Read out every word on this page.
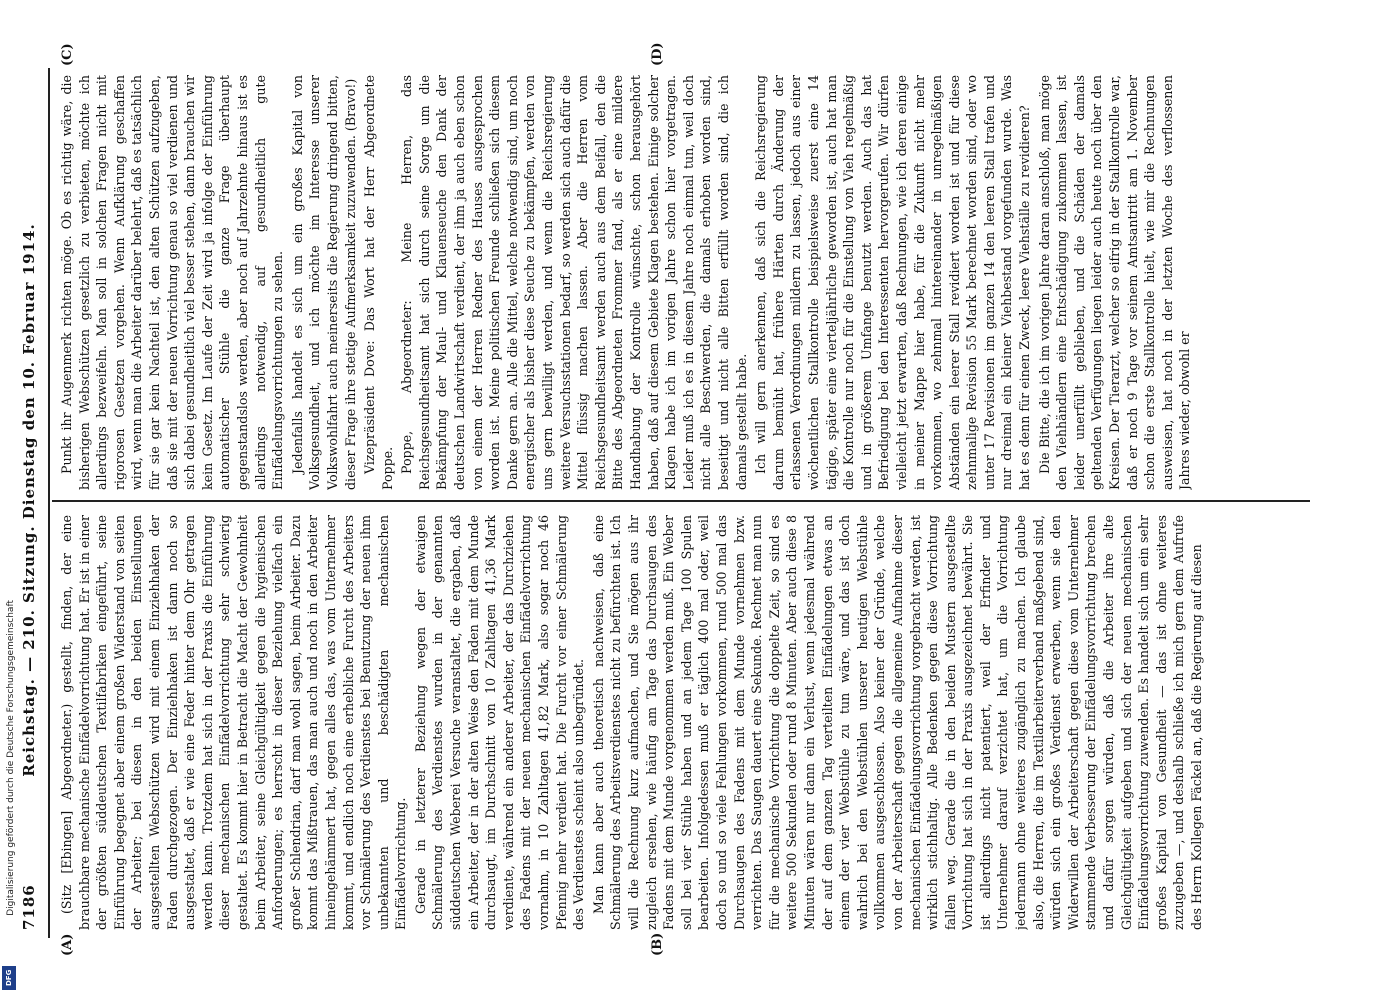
7186
Reichstag. — 210. Sitzung. Dienstag den 10. Februar 1914.
(A)	(B)
(C)	(D)

(Sitz [Ebingen] Abgeordneter.) gestellt, finden, der eine brauchbare mechanische Einfädelvorrichtung hat. Er ist in einer der größten süddeutschen Textilfabriken eingeführt, seine Einführung begegnet aber einem großen Widerstand von seiten der Arbeiter; bei diesen in den beiden Einstellungen ausgestellten Webschützen wird mit einem Einziehhaken der Faden durchgezogen. Der Einziehhaken ist dann noch so ausgestaltet, daß er wie eine Feder hinter dem Ohr getragen werden kann. Trotzdem hat sich in der Praxis die Einführung dieser mechanischen Einfädelvorrichtung sehr schwierig gestaltet. Es kommt hier in Betracht die Macht der Gewohnheit beim Arbeiter, seine Gleichgültigkeit gegen die hygienischen Anforderungen; es herrscht in dieser Beziehung vielfach ein großer Schlendrian, darf man wohl sagen, beim Arbeiter. Dazu kommt das Mißtrauen, das man auch und noch in den Arbeiter hineingehämmert hat, gegen alles das, was vom Unternehmer kommt, und endlich noch eine erhebliche Furcht des Arbeiters vor Schmälerung des Verdienstes bei Benutzung der neuen ihm unbekannten und beschädigten mechanischen Einfädelvorrichtung. Gerade in letzterer Beziehung wegen der etwaigen Schmälerung des Verdienstes wurden in der genannten süddeutschen Weberei Versuche veranstaltet, die ergaben, daß ein Arbeiter, der in der alten Weise den Faden mit dem Munde durchsaugt, im Durchschnitt von 10 Zahltagen 41,36 Mark verdiente, während ein anderer Arbeiter, der das Durchziehen des Fadens mit der neuen mechanischen Einfädelvorrichtung vornahm, in 10 Zahltagen 41,82 Mark, also sogar noch 46 Pfennig mehr verdient hat. Die Furcht vor einer Schmälerung des Verdienstes scheint also unbegründet. Man kann aber auch theoretisch nachweisen, daß eine Schmälerung des Arbeitsverdienstes nicht zu befürchten ist. Ich will die Rechnung kurz aufmachen, und Sie mögen aus ihr zugleich ersehen, wie häufig am Tage das Durchsaugen des Fadens mit dem Munde vorgenommen werden muß. Ein Weber soll bei vier Stühle haben und an jedem Tage 100 Spulen bearbeiten. Infolgedessen muß er täglich 400 mal oder, weil doch so und so viele Fehlungen vorkommen, rund 500 mal das Durchsaugen des Fadens mit dem Munde vornehmen bzw. verrichten. Das Saugen dauert eine Sekunde. Rechnet man nun für die mechanische Vorrichtung die doppelte Zeit, so sind es weitere 500 Sekunden oder rund 8 Minuten. Aber auch diese 8 Minuten wären nur dann ein Verlust, wenn jedesmal während der auf dem ganzen Tag verteilten Einfädelungen etwas an einem der vier Webstühle zu tun wäre, und das ist doch wahrlich bei den Webstühlen unserer heutigen Webstühle vollkommen ausgeschlossen. Also keiner der Gründe, welche von der Arbeiterschaft gegen die allgemeine Aufnahme dieser mechanischen Einfädelungsvorrichtung vorgebracht werden, ist wirklich stichhaltig. Alle Bedenken gegen diese Vorrichtung fallen weg. Gerade die in den beiden Mustern ausgestellte Vorrichtung hat sich in der Praxis ausgezeichnet bewährt. Sie ist allerdings nicht patentiert, weil der Erfinder und Unternehmer darauf verzichtet hat, um die Vorrichtung jedermann ohne weiteres zugänglich zu machen. Ich glaube also, die Herren, die im Textilarbeiterverband maßgebend sind, würden sich ein großes Verdienst erwerben, wenn sie den Widerwillen der Arbeiterschaft gegen diese vom Unternehmer stammende Verbesserung der Einfädelungsvorrichtung brechen und dafür sorgen würden, daß die Arbeiter ihre alte Gleichgültigkeit aufgeben und sich der neuen mechanischen Einfädelungsvorrichtung zuwenden. Es handelt sich um ein sehr großes Kapital von Gesundheit — das ist ohne weiteres zuzugeben —, und deshalb schließe ich mich gern dem Aufrufe des Herrn Kollegen Fäckel an, daß die Regierung auf diesen

Punkt ihr Augenmerk richten möge. Ob es richtig wäre, die bisherigen Webschützen gesetzlich zu verbieten, möchte ich allerdings bezweifeln. Man soll in solchen Fragen nicht mit rigorosen Gesetzen vorgehen. Wenn Aufklärung geschaffen wird, wenn man die Arbeiter darüber belehrt, daß es tatsächlich für sie gar kein Nachteil ist, den alten Schützen aufzugeben, daß sie mit der neuen Vorrichtung genau so viel verdienen und sich dabei gesundheitlich viel besser stehen, dann brauchen wir kein Gesetz. Im Laufe der Zeit wird ja infolge der Einführung automatischer Stühle die ganze Frage überhaupt gegenstandslos werden, aber noch auf Jahrzehnte hinaus ist es allerdings notwendig, auf gesundheitlich gute Einfädelungsvorrichtungen zu sehen. Jedenfalls handelt es sich um ein großes Kapital von Volksgesundheit, und ich möchte im Interesse unserer Volkswohlfahrt auch meinerseits die Regierung dringend bitten, dieser Frage ihre stetige Aufmerksamkeit zuzuwenden. (Bravo!) Vizepräsident Dove: Das Wort hat der Herr Abgeordnete Poppe. Poppe, Abgeordneter: Meine Herren, das Reichsgesundheitsamt hat sich durch seine Sorge um die Bekämpfung der Maul- und Klauenseuche den Dank der deutschen Landwirtschaft verdient, der ihm ja auch eben schon von einem der Herren Redner des Hauses ausgesprochen worden ist. Meine politischen Freunde schließen sich diesem Danke gern an. Alle die Mittel, welche notwendig sind, um noch energischer als bisher diese Seuche zu bekämpfen, werden von uns gern bewilligt werden, und wenn die Reichsregierung weitere Versuchsstationen bedarf, so werden sich auch dafür die Mittel flüssig machen lassen. Aber die Herren vom Reichsgesundheitsamt werden auch aus dem Beifall, den die Bitte des Abgeordneten Frommer fand, als er eine mildere Handhabung der Kontrolle wünschte, schon herausgehört haben, daß auf diesem Gebiete Klagen bestehen. Einige solcher Klagen habe ich im vorigen Jahre schon hier vorgetragen. Leider muß ich es in diesem Jahre noch einmal tun, weil doch nicht alle Beschwerden, die damals erhoben worden sind, beseitigt und nicht alle Bitten erfüllt worden sind, die ich damals gestellt habe. Ich will gern anerkennen, daß sich die Reichsregierung darum bemüht hat, frühere Härten durch Änderung der erlassenen Verordnungen mildern zu lassen, jedoch aus einer wöchentlichen Stallkontrolle beispielsweise zuerst eine 14 tägige, später eine vierteljährliche geworden ist, auch hat man die Kontrolle nur noch für die Einstellung von Vieh regelmäßig und in größerem Umfange benutzt werden. Auch das hat Befriedigung bei den Interessenten hervorgerufen. Wir dürfen vielleicht jetzt erwarten, daß Rechnungen, wie ich deren einige in meiner Mappe hier habe, für die Zukunft nicht mehr vorkommen, wo zehnmal hintereinander in unregelmäßigen Abständen ein leerer Stall revidiert worden ist und für diese zehnmalige Revision 55 Mark berechnet worden sind, oder wo unter 17 Revisionen im ganzen 14 den leeren Stall trafen und nur dreimal ein kleiner Viehbestand vorgefunden wurde. Was hat es denn für einen Zweck, leere Viehställe zu revidieren? Die Bitte, die ich im vorigen Jahre daran anschloß, man möge den Viehhändlern eine Entschädigung zukommen lassen, ist leider unerfüllt geblieben, und die Schäden der damals geltenden Verfügungen liegen leider auch heute noch über den Kreisen. Der Tierarzt, welcher so eifrig in der Stallkontrolle war, daß er noch 9 Tage vor seinem Amtsantritt am 1. November schon die erste Stallkontrolle hielt, wie mir die Rechnungen ausweisen, hat noch in der letzten Woche des verflossenen Jahres wieder, obwohl er

Digitalisierung gefördert durch die Deutsche Forschungsgemeinschaft
DFG
